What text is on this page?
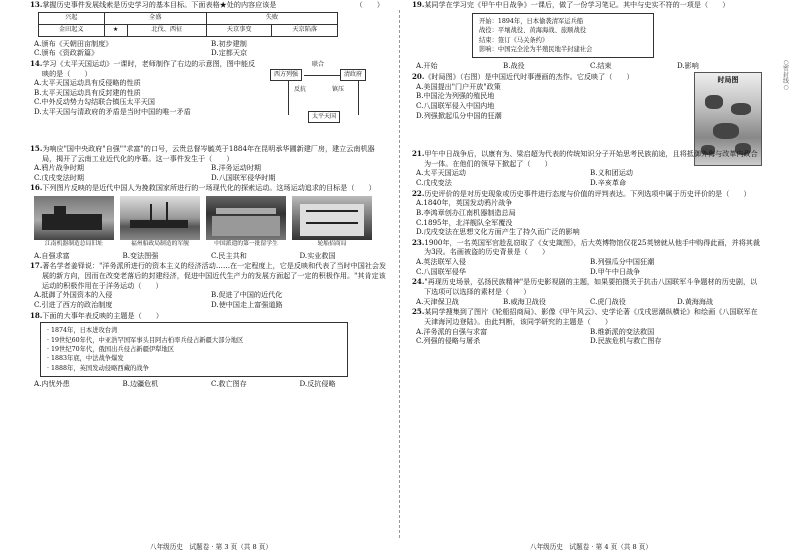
○密封线○
（　　）
13.掌握历史事件发展线索是历史学习的基本目标。下面表格★处的内容应该是
兴起	全盛		失败	
金田起义	★	北伐、西征	天京事变	天京陷落
A.颁布《天朝田亩制度》	B.初步建制
C.颁布《资政新篇》	D.定都天京
14.学习《太平天国运动》一课时，老师制作了右边的示意图，图中能反映的是（　　）
A.太平天国运动具有反侵略的性质
B.太平天国运动具有反封建的性质
C.中外反动势力勾结联合镇压太平天国
D.太平天国与清政府的矛盾是当时中国的唯一矛盾
西方列强	清政府
太平天国
联合
镇压
反抗
15.为响应"国中央政府"自强""求富"的口号，云贵总督岑毓英于1884年在昆明承华圃新建厂房，建立云南机器局，揭开了云南工业近代化的序幕。这一事件发生于（　　）
A.鸦片战争时期	B.洋务运动时期
C.戊戌变法时期	D.八国联军侵华时期
16.下列图片反映的是近代中国人为挽救国家所进行的一场现代化的探索运动。这场运动追求的目标是（　　）
江南机器制造总局旧址	福州船政局制造的军舰	中国派遣的第一批留学生	轮船招商局
A.自强求富	B.变法图强	C.民主共和	D.实业救国
17.著名学者姜铎说："洋务派所进行的资本主义的经济活动……在一定程度上，它是反映和代表了当时中国社会发展的新方向，因而在改变老落后的封建经济，促进中国近代生产力的发展方面起了一定的积极作用。"其肯定该运动的积极作用在于洋务运动（　　）
A.抵御了外国资本的入侵	B.促进了中国的近代化
C.引进了西方的政治制度	D.使中国走上富强道路
18.下面的大事年表反映的主题是（　　）
· 1874年，日本进攻台湾
· 19世纪60年代，中亚浩罕国军事头目阿古柏率兵侵占新疆大部分地区
· 19世纪70年代，俄国出兵侵占新疆伊犁地区
· 1883年底，中法战争爆发
· 1888年，英国发动侵略西藏的战争
A.内忧外患	B.边疆危机	C.救亡图存	D.反抗侵略
19.某同学在学习完《甲午中日战争》一课后，做了一份学习笔记。其中与史实不符的一项是（　　）
开始：1894年，日本偷袭清军运兵船
战役：平壤战役、黄海海战、旅顺战役
结束：签订《马关条约》
影响：中国完全沦为半殖民地半封建社会
A.开始	B.战役	C.结束	D.影响
20.《时局图》（右图）是中国近代时事漫画的杰作。它反映了（　　）
A.美国提出"门户开放"政策
B.中国沦为列强的殖民地
C.八国联军侵入中国内地
D.列强掀起瓜分中国的狂潮
时局图
21.甲午中日战争后，以康有为、梁启超为代表的传统知识分子开始思考民族前途，且将抵御外侮与改革内政合为一体。在他们的领导下掀起了（　　）
A.太平天国运动	B.义和团运动
C.戊戌变法	D.辛亥革命
22.历史评价的是对历史现象或历史事件进行态度与价值的评判表达。下列选项中属于历史评价的是（　　）
A.1840年，英国发动鸦片战争
B.李鸿章创办江南机器制造总局
C.1895年，北洋舰队全军覆没
D.戊戌变法在思想文化方面产生了持久而广泛的影响
23.1900年，一名英国军官趁乱窃取了《女史箴图》，后大英博物馆仅花25英镑就从他手中购得此画，并将其裁为3段。名画被盗的历史背景是（　　）
A.英法联军入侵	B.列强瓜分中国狂潮
C.八国联军侵华	D.甲午中日战争
24."再现历史场景，弘扬民族精神"是历史影视剧的主题，如果要拍摄关于抗击八国联军斗争题材的历史剧，以下选项可以选择的素材是（　　）
A.天津保卫战	B.威海卫战役	C.虎门战役	D.黄海海战
25.某同学搜集到了图片《轮船招商局》、影像《甲午风云》、史学论著《戊戌思潮纵横论》和绘画《八国联军在天津海河边登陆》。由此判断，该同学研究的主题是（　　）
A.洋务派的自强与求富	B.维新派的变法救国
C.列强的侵略与屠杀	D.民族危机与救亡图存
八年级历史　试题卷 · 第 3 页（共 8 页）	八年级历史　试题卷 · 第 4 页（共 8 页）
